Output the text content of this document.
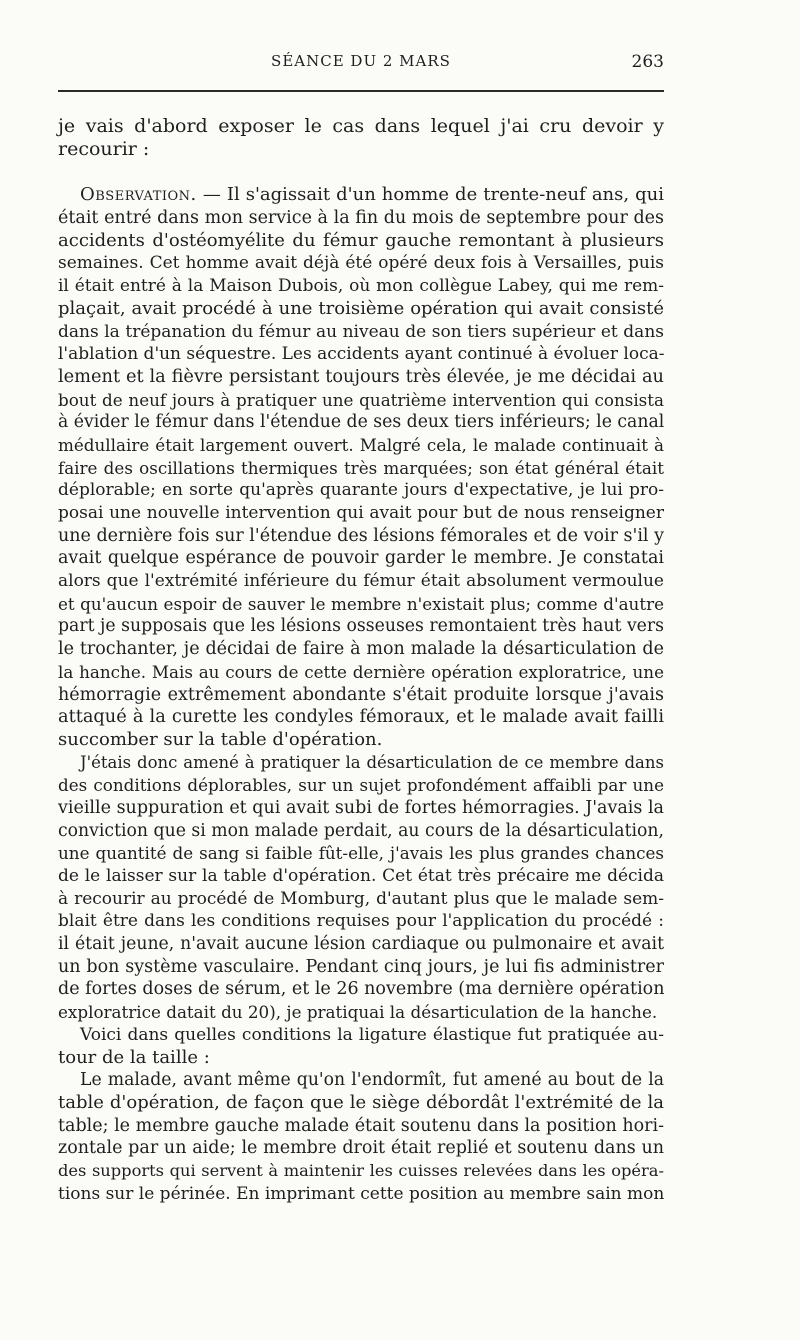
SÉANCE DU 2 MARS	263
je vais d'abord exposer le cas dans lequel j'ai cru devoir y
recourir :
Observation. — Il s'agissait d'un homme de trente-neuf ans, qui
était entré dans mon service à la fin du mois de septembre pour des
accidents d'ostéomyélite du fémur gauche remontant à plusieurs
semaines. Cet homme avait déjà été opéré deux fois à Versailles, puis
il était entré à la Maison Dubois, où mon collègue Labey, qui me rem-
plaçait, avait procédé à une troisième opération qui avait consisté
dans la trépanation du fémur au niveau de son tiers supérieur et dans
l'ablation d'un séquestre. Les accidents ayant continué à évoluer loca-
lement et la fièvre persistant toujours très élevée, je me décidai au
bout de neuf jours à pratiquer une quatrième intervention qui consista
à évider le fémur dans l'étendue de ses deux tiers inférieurs; le canal
médullaire était largement ouvert. Malgré cela, le malade continuait à
faire des oscillations thermiques très marquées; son état général était
déplorable; en sorte qu'après quarante jours d'expectative, je lui pro-
posai une nouvelle intervention qui avait pour but de nous renseigner
une dernière fois sur l'étendue des lésions fémorales et de voir s'il y
avait quelque espérance de pouvoir garder le membre. Je constatai
alors que l'extrémité inférieure du fémur était absolument vermoulue
et qu'aucun espoir de sauver le membre n'existait plus; comme d'autre
part je supposais que les lésions osseuses remontaient très haut vers
le trochanter, je décidai de faire à mon malade la désarticulation de
la hanche. Mais au cours de cette dernière opération exploratrice, une
hémorragie extrêmement abondante s'était produite lorsque j'avais
attaqué à la curette les condyles fémoraux, et le malade avait failli
succomber sur la table d'opération.
J'étais donc amené à pratiquer la désarticulation de ce membre dans
des conditions déplorables, sur un sujet profondément affaibli par une
vieille suppuration et qui avait subi de fortes hémorragies. J'avais la
conviction que si mon malade perdait, au cours de la désarticulation,
une quantité de sang si faible fût-elle, j'avais les plus grandes chances
de le laisser sur la table d'opération. Cet état très précaire me décida
à recourir au procédé de Momburg, d'autant plus que le malade sem-
blait être dans les conditions requises pour l'application du procédé :
il était jeune, n'avait aucune lésion cardiaque ou pulmonaire et avait
un bon système vasculaire. Pendant cinq jours, je lui fis administrer
de fortes doses de sérum, et le 26 novembre (ma dernière opération
exploratrice datait du 20), je pratiquai la désarticulation de la hanche.
Voici dans quelles conditions la ligature élastique fut pratiquée au-
tour de la taille :
Le malade, avant même qu'on l'endormît, fut amené au bout de la
table d'opération, de façon que le siège débordât l'extrémité de la
table; le membre gauche malade était soutenu dans la position hori-
zontale par un aide; le membre droit était replié et soutenu dans un
des supports qui servent à maintenir les cuisses relevées dans les opéra-
tions sur le périnée. En imprimant cette position au membre sain mon
